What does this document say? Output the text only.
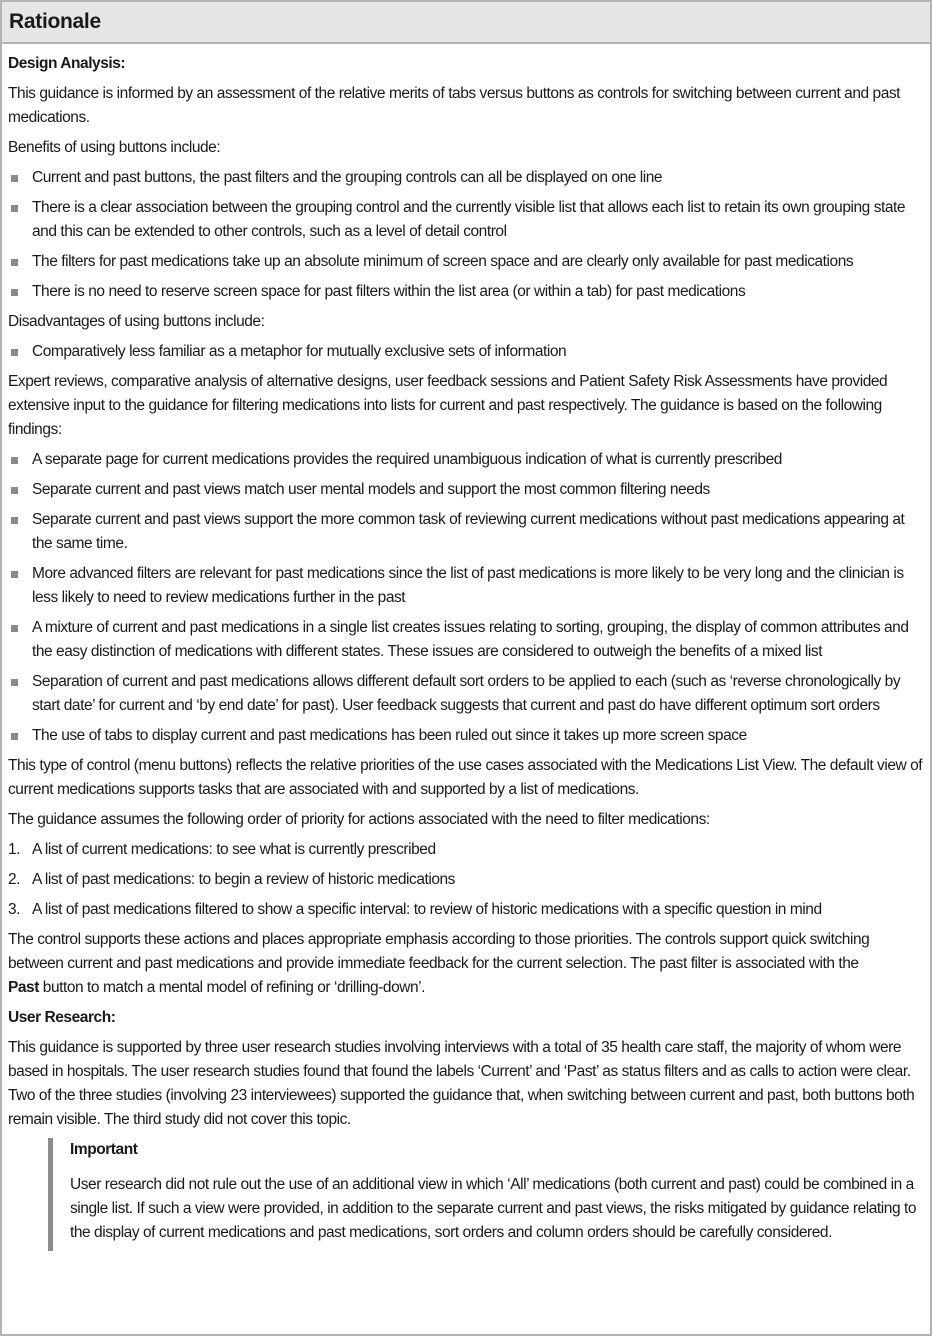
Rationale
Design Analysis:

This guidance is informed by an assessment of the relative merits of tabs versus buttons as controls for switching between current and past medications.

Benefits of using buttons include:

Current and past buttons, the past filters and the grouping controls can all be displayed on one line
There is a clear association between the grouping control and the currently visible list that allows each list to retain its own grouping state and this can be extended to other controls, such as a level of detail control
The filters for past medications take up an absolute minimum of screen space and are clearly only available for past medications
There is no need to reserve screen space for past filters within the list area (or within a tab) for past medications

Disadvantages of using buttons include:

Comparatively less familiar as a metaphor for mutually exclusive sets of information

Expert reviews, comparative analysis of alternative designs, user feedback sessions and Patient Safety Risk Assessments have provided extensive input to the guidance for filtering medications into lists for current and past respectively. The guidance is based on the following findings:

A separate page for current medications provides the required unambiguous indication of what is currently prescribed
Separate current and past views match user mental models and support the most common filtering needs
Separate current and past views support the more common task of reviewing current medications without past medications appearing at the same time.
More advanced filters are relevant for past medications since the list of past medications is more likely to be very long and the clinician is less likely to need to review medications further in the past
A mixture of current and past medications in a single list creates issues relating to sorting, grouping, the display of common attributes and the easy distinction of medications with different states. These issues are considered to outweigh the benefits of a mixed list
Separation of current and past medications allows different default sort orders to be applied to each (such as ‘reverse chronologically by start date’ for current and ‘by end date’ for past). User feedback suggests that current and past do have different optimum sort orders
The use of tabs to display current and past medications has been ruled out since it takes up more screen space

This type of control (menu buttons) reflects the relative priorities of the use cases associated with the Medications List View. The default view of current medications supports tasks that are associated with and supported by a list of medications.

The guidance assumes the following order of priority for actions associated with the need to filter medications:

1. A list of current medications: to see what is currently prescribed
2. A list of past medications: to begin a review of historic medications
3. A list of past medications filtered to show a specific interval: to review of historic medications with a specific question in mind

The control supports these actions and places appropriate emphasis according to those priorities. The controls support quick switching between current and past medications and provide immediate feedback for the current selection. The past filter is associated with the
Past button to match a mental model of refining or ‘drilling-down’.

User Research:

This guidance is supported by three user research studies involving interviews with a total of 35 health care staff, the majority of whom were based in hospitals. The user research studies found that found the labels ‘Current’ and ‘Past’ as status filters and as calls to action were clear. Two of the three studies (involving 23 interviewees) supported the guidance that, when switching between current and past, both buttons both remain visible. The third study did not cover this topic.

Important

User research did not rule out the use of an additional view in which ‘All’ medications (both current and past) could be combined in a single list. If such a view were provided, in addition to the separate current and past views, the risks mitigated by guidance relating to the display of current medications and past medications, sort orders and column orders should be carefully considered.
